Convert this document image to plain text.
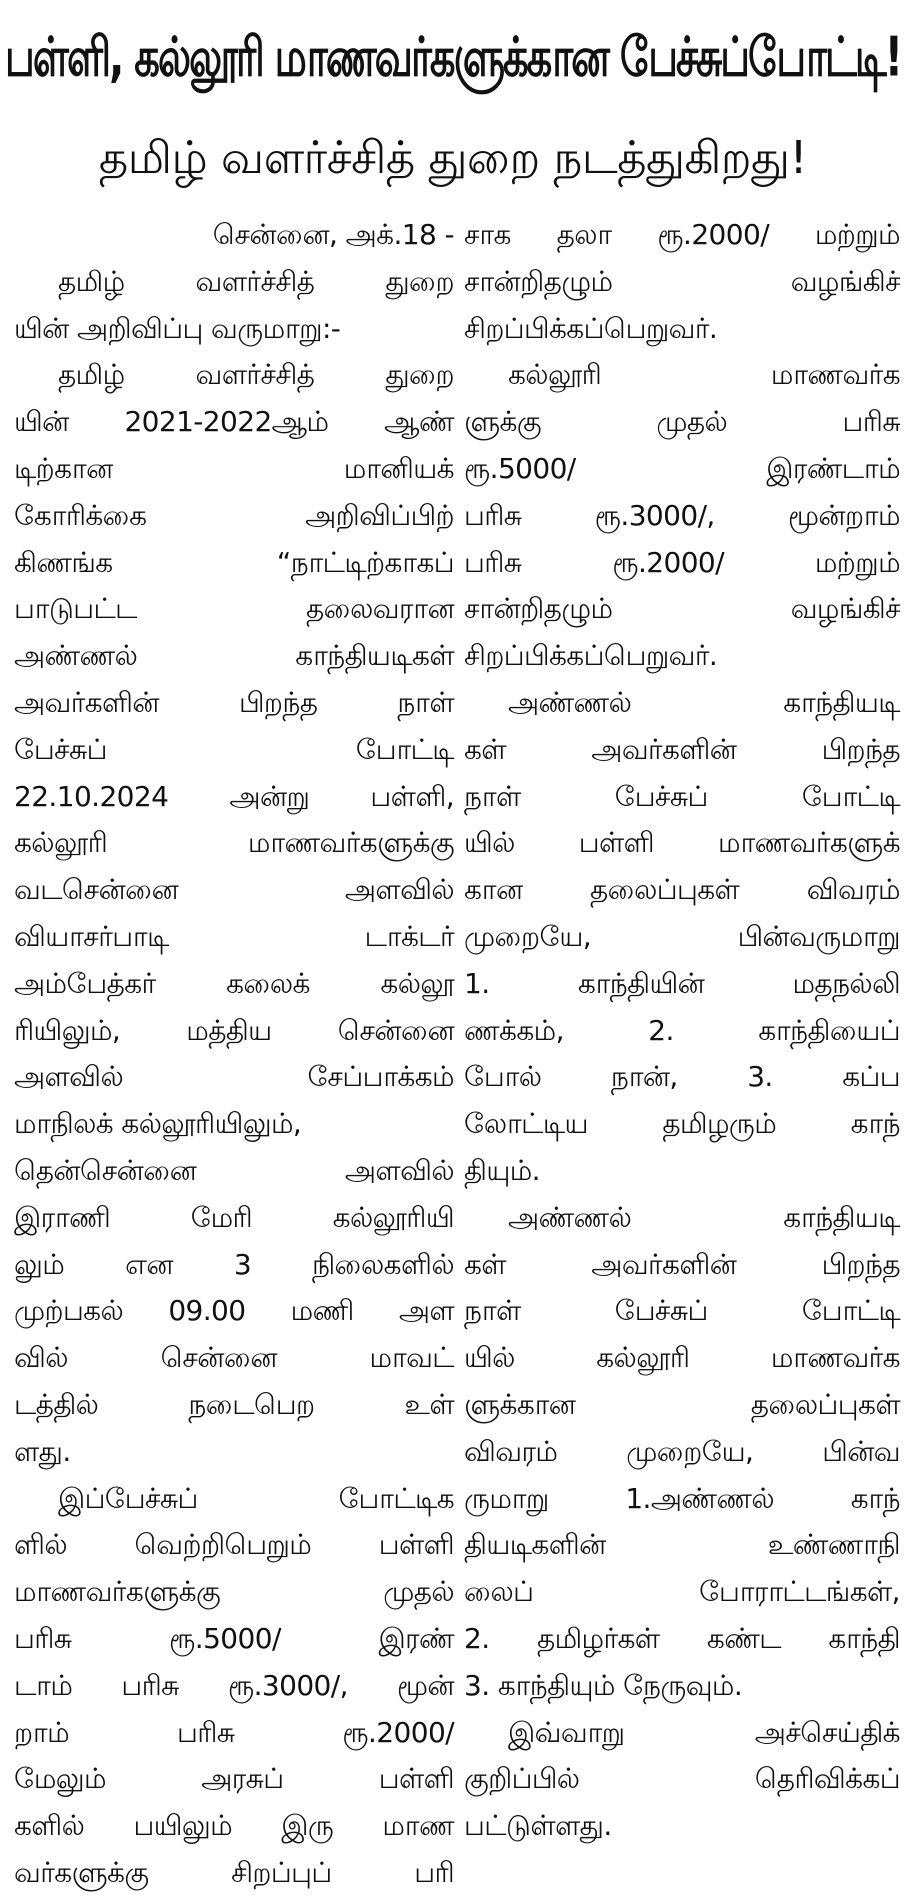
பள்ளி, கல்லூரி மாணவர்களுக்கான பேச்சுப்போட்டி!
தமிழ் வளர்ச்சித் துறை நடத்துகிறது!
சென்னை, அக்.18 -
தமிழ் வளர்ச்சித் துறை
யின் அறிவிப்பு வருமாறு:-
தமிழ் வளர்ச்சித் துறை
யின் 2021-2022ஆம் ஆண்
டிற்கான மானியக்
கோரிக்கை அறிவிப்பிற்
கிணங்க “நாட்டிற்காகப்
பாடுபட்ட தலைவரான
அண்ணல் காந்தியடிகள்
அவர்களின் பிறந்த நாள்
பேச்சுப் போட்டி
22.10.2024 அன்று பள்ளி,
கல்லூரி மாணவர்களுக்கு
வடசென்னை அளவில்
வியாசர்பாடி டாக்டர்
அம்பேத்கர் கலைக் கல்லூ
ரியிலும், மத்திய சென்னை
அளவில் சேப்பாக்கம்
மாநிலக் கல்லூரியிலும்,
தென்சென்னை அளவில்
இராணி மேரி கல்லூரியி
லும் என 3 நிலைகளில்
முற்பகல் 09.00 மணி அள
வில் சென்னை மாவட்
டத்தில் நடைபெற உள்
ளது.
இப்பேச்சுப் போட்டிக
ளில் வெற்றிபெறும் பள்ளி
மாணவர்களுக்கு முதல்
பரிசு ரூ.5000/ இரண்
டாம் பரிசு ரூ.3000/, மூன்
றாம் பரிசு ரூ.2000/
மேலும் அரசுப் பள்ளி
களில் பயிலும் இரு மாண
வர்களுக்கு சிறப்புப் பரி
சாக தலா ரூ.2000/ மற்றும்
சான்றிதழும் வழங்கிச்
சிறப்பிக்கப்பெறுவர்.
கல்லூரி மாணவர்க
ளுக்கு முதல் பரிசு
ரூ.5000/ இரண்டாம்
பரிசு ரூ.3000/, மூன்றாம்
பரிசு ரூ.2000/ மற்றும்
சான்றிதழும் வழங்கிச்
சிறப்பிக்கப்பெறுவர்.
அண்ணல் காந்தியடி
கள் அவர்களின் பிறந்த
நாள் பேச்சுப் போட்டி
யில் பள்ளி மாணவர்களுக்
கான தலைப்புகள் விவரம்
முறையே, பின்வருமாறு
1. காந்தியின் மதநல்லி
ணக்கம், 2. காந்தியைப்
போல் நான், 3. கப்ப
லோட்டிய தமிழரும் காந்
தியும்.
அண்ணல் காந்தியடி
கள் அவர்களின் பிறந்த
நாள் பேச்சுப் போட்டி
யில் கல்லூரி மாணவர்க
ளுக்கான தலைப்புகள்
விவரம் முறையே, பின்வ
ருமாறு 1.அண்ணல் காந்
தியடிகளின் உண்ணாநி
லைப் போராட்டங்கள்,
2. தமிழர்கள் கண்ட காந்தி
3. காந்தியும் நேருவும்.
இவ்வாறு அச்செய்திக்
குறிப்பில் தெரிவிக்கப்
பட்டுள்ளது.
